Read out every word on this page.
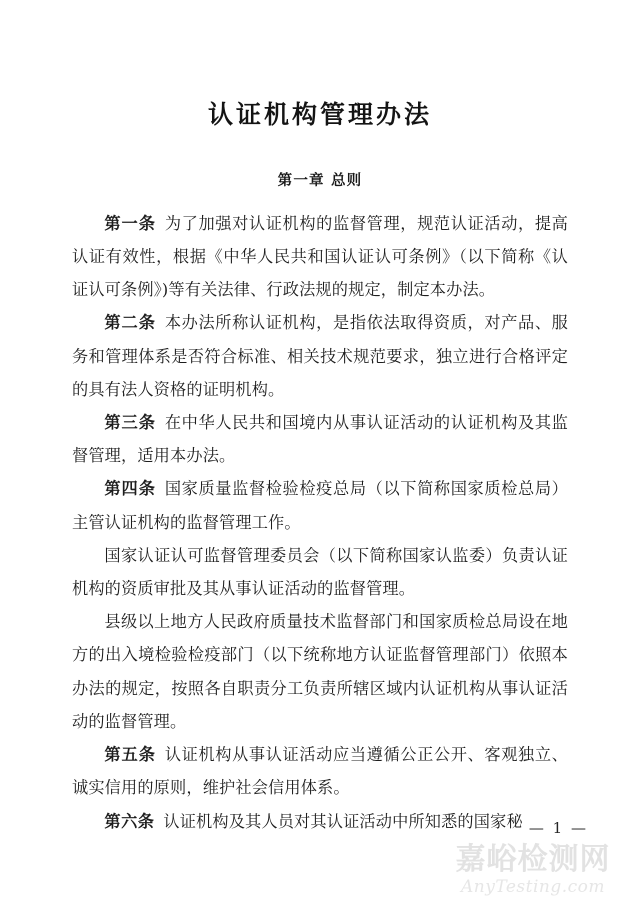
认证机构管理办法
第一章 总则

第一条 为了加强对认证机构的监督管理，规范认证活动，提高认证有效性，根据《中华人民共和国认证认可条例》（以下简称《认证认可条例》)等有关法律、行政法规的规定，制定本办法。

第二条 本办法所称认证机构，是指依法取得资质，对产品、服务和管理体系是否符合标准、相关技术规范要求，独立进行合格评定的具有法人资格的证明机构。

第三条 在中华人民共和国境内从事认证活动的认证机构及其监督管理，适用本办法。

第四条 国家质量监督检验检疫总局（以下简称国家质检总局）主管认证机构的监督管理工作。

国家认证认可监督管理委员会（以下简称国家认监委）负责认证机构的资质审批及其从事认证活动的监督管理。

县级以上地方人民政府质量技术监督部门和国家质检总局设在地方的出入境检验检疫部门（以下统称地方认证监督管理部门）依照本办法的规定，按照各自职责分工负责所辖区域内认证机构从事认证活动的监督管理。

第五条 认证机构从事认证活动应当遵循公正公开、客观独立、诚实信用的原则，维护社会信用体系。

第六条 认证机构及其人员对其认证活动中所知悉的国家秘 — 1 —
嘉峪检测网
AnyTesting.com
